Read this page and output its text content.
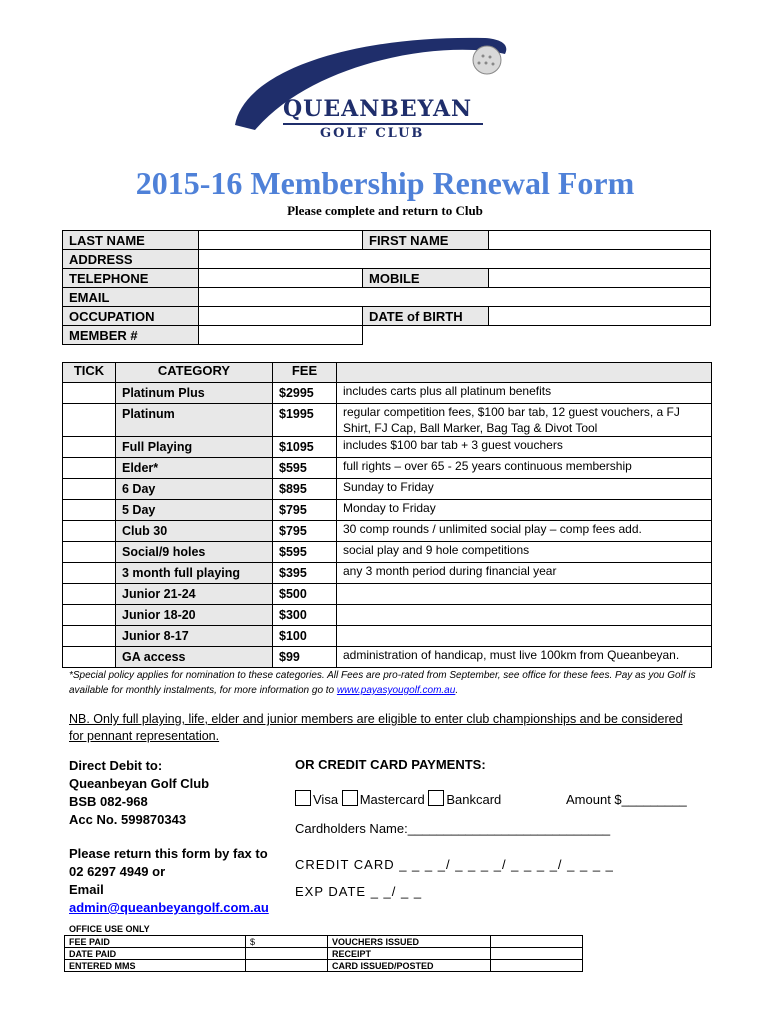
QUEANBEYAN
GOLF CLUB
2015-16 Membership Renewal Form
Please complete and return to Club
LAST NAME		FIRST NAME	
ADDRESS			
TELEPHONE		MOBILE	
EMAIL			
OCCUPATION		DATE of BIRTH	
MEMBER #			
TICK	CATEGORY	FEE	
	Platinum Plus	$2995	includes carts plus all platinum benefits
	Platinum	$1995	regular competition fees, $100 bar tab, 12 guest vouchers, a FJ Shirt, FJ Cap, Ball Marker, Bag Tag & Divot Tool
	Full Playing	$1095	includes $100 bar tab + 3 guest vouchers
	Elder*	$595	full rights – over 65 - 25 years continuous membership
	6 Day	$895	Sunday to Friday
	5 Day	$795	Monday to Friday
	Club 30	$795	30 comp rounds / unlimited social play – comp fees add.
	Social/9 holes	$595	social play and 9 hole competitions
	3 month full playing	$395	any 3 month period during financial year
	Junior 21-24	$500	
	Junior 18-20	$300	
	Junior 8-17	$100	
	GA access	$99	administration of handicap, must live 100km from Queanbeyan.
*Special policy applies for nomination to these categories. All Fees are pro-rated from September, see office for these fees. Pay as you Golf is available for monthly instalments, for more information go to www.payasyougolf.com.au.
NB. Only full playing, life, elder and junior members are eligible to enter club championships and be considered for pennant representation.
Direct Debit to:
Queanbeyan Golf Club
BSB 082-968
Acc No. 599870343
Please return this form by fax to
02 6297 4949 or
Email
admin@queanbeyangolf.com.au
OR CREDIT CARD PAYMENTS:
Visa Mastercard Bankcard	Amount $_________
Cardholders Name:____________________________
CREDIT CARD _ _ _ _/ _ _ _ _/ _ _ _ _/ _ _ _ _
EXP DATE _ _/ _ _
OFFICE USE ONLY
FEE PAID	$	VOUCHERS ISSUED	
DATE PAID		RECEIPT	
ENTERED MMS		CARD ISSUED/POSTED	
